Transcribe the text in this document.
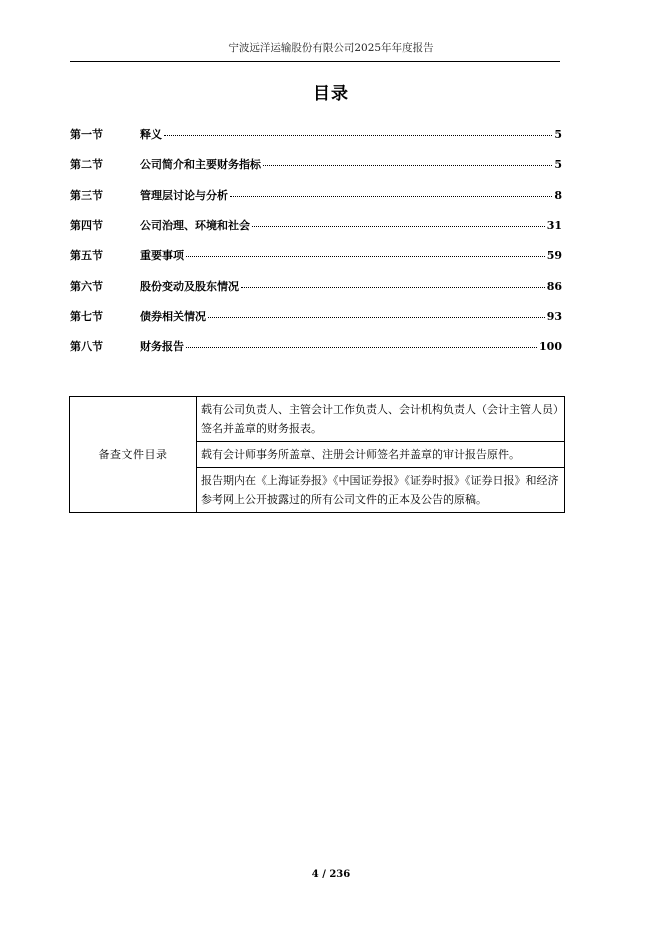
宁波远洋运输股份有限公司2025年年度报告
目录
第一节	释义	5
第二节	公司简介和主要财务指标	5
第三节	管理层讨论与分析	8
第四节	公司治理、环境和社会	31
第五节	重要事项	59
第六节	股份变动及股东情况	86
第七节	债券相关情况	93
第八节	财务报告	100
备查文件目录	载有公司负责人、主管会计工作负责人、会计机构负责人（会计主管人员）签名并盖章的财务报表。
载有会计师事务所盖章、注册会计师签名并盖章的审计报告原件。
报告期内在《上海证券报》《中国证券报》《证券时报》《证券日报》和经济参考网上公开披露过的所有公司文件的正本及公告的原稿。
4 / 236
